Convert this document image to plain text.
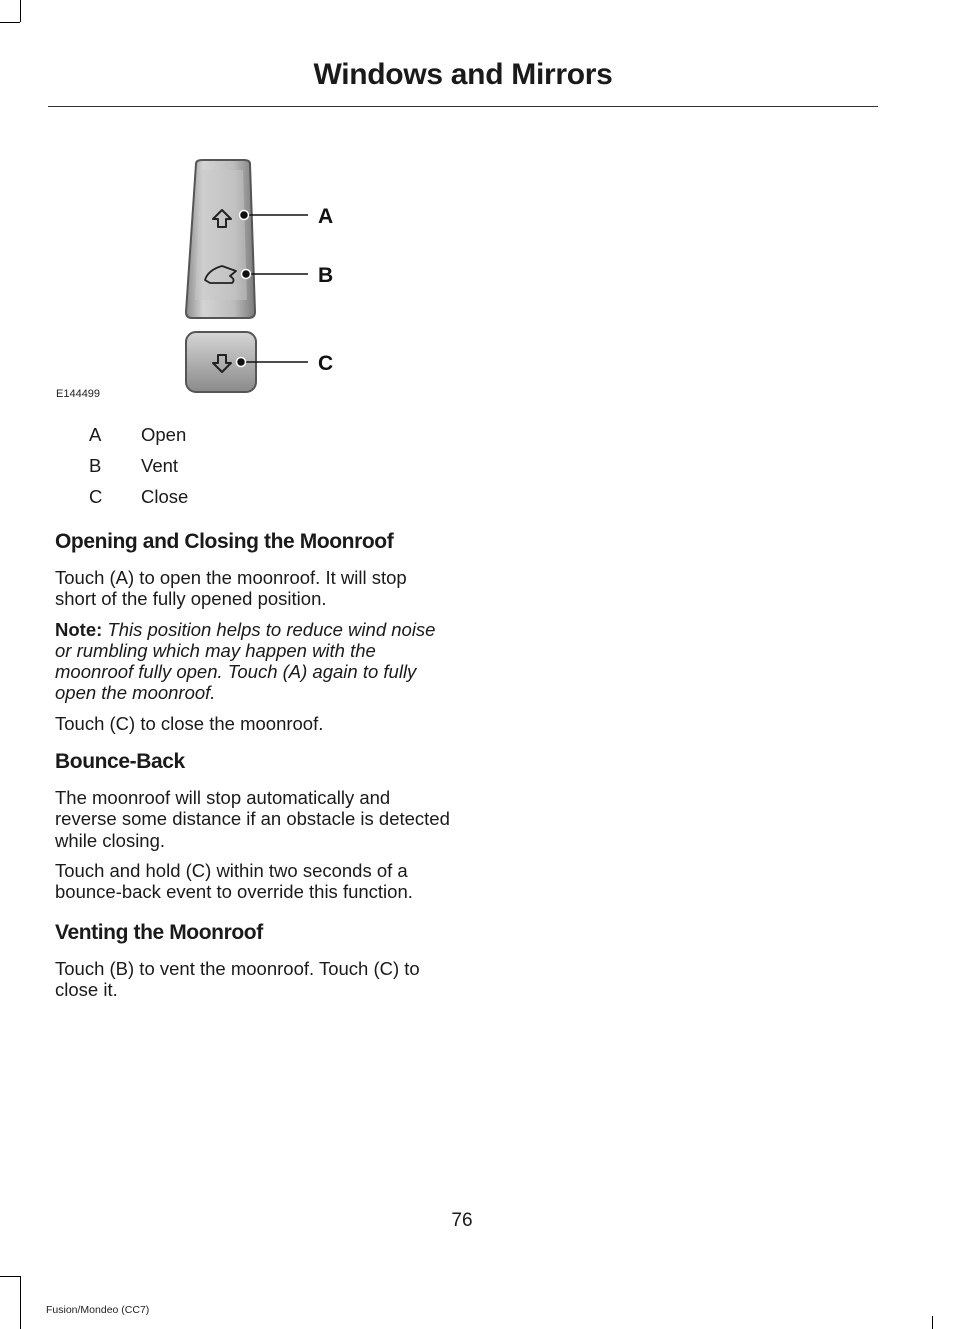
Windows and Mirrors
A
B
C
E144499
A	Open
B	Vent
C	Close
Opening and Closing the Moonroof

Touch (A) to open the moonroof. It will stop short of the fully opened position.

Note: This position helps to reduce wind noise or rumbling which may happen with the moonroof fully open. Touch (A) again to fully open the moonroof.

Touch (C) to close the moonroof.

Bounce-Back

The moonroof will stop automatically and reverse some distance if an obstacle is detected while closing.

Touch and hold (C) within two seconds of a bounce-back event to override this function.

Venting the Moonroof

Touch (B) to vent the moonroof. Touch (C) to close it.

76
Fusion/Mondeo (CC7)
